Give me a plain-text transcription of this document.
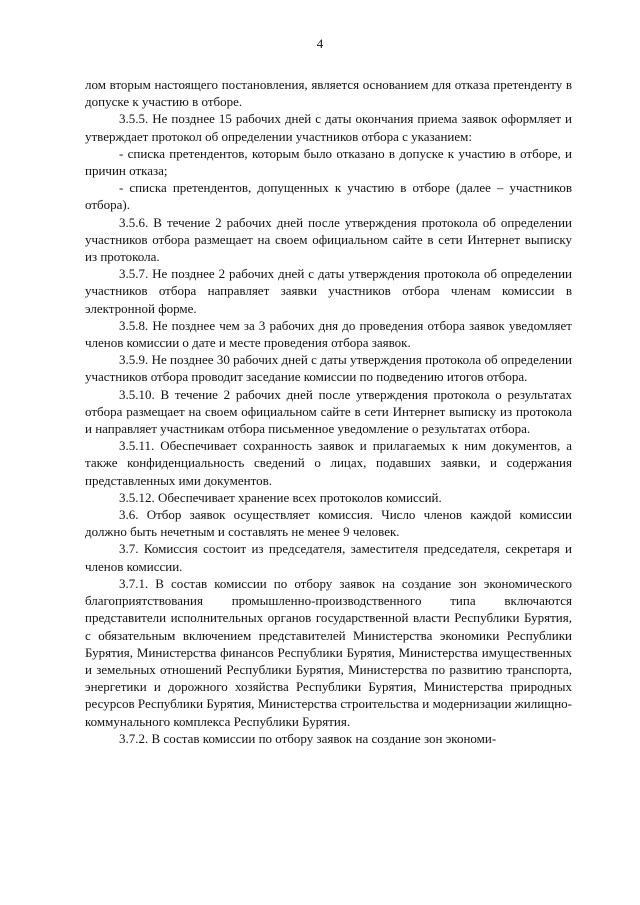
4

лом вторым настоящего постановления, является основанием для отказа претенденту в допуске к участию в отборе.

3.5.5. Не позднее 15 рабочих дней с даты окончания приема заявок оформляет и утверждает протокол об определении участников отбора с указанием:

- списка претендентов, которым было отказано в допуске к участию в отборе, и причин отказа;

- списка претендентов, допущенных к участию в отборе (далее – участников отбора).

3.5.6. В течение 2 рабочих дней после утверждения протокола об определении участников отбора размещает на своем официальном сайте в сети Интернет выписку из протокола.

3.5.7. Не позднее 2 рабочих дней с даты утверждения протокола об определении участников отбора направляет заявки участников отбора членам комиссии в электронной форме.

3.5.8. Не позднее чем за 3 рабочих дня до проведения отбора заявок уведомляет членов комиссии о дате и месте проведения отбора заявок.

3.5.9. Не позднее 30 рабочих дней с даты утверждения протокола об определении участников отбора проводит заседание комиссии по подведению итогов отбора.

3.5.10. В течение 2 рабочих дней после утверждения протокола о результатах отбора размещает на своем официальном сайте в сети Интернет выписку из протокола и направляет участникам отбора письменное уведомление о результатах отбора.

3.5.11. Обеспечивает сохранность заявок и прилагаемых к ним документов, а также конфиденциальность сведений о лицах, подавших заявки, и содержания представленных ими документов.

3.5.12. Обеспечивает хранение всех протоколов комиссий.

3.6. Отбор заявок осуществляет комиссия. Число членов каждой комиссии должно быть нечетным и составлять не менее 9 человек.

3.7. Комиссия состоит из председателя, заместителя председателя, секретаря и членов комиссии.

3.7.1. В состав комиссии по отбору заявок на создание зон экономического благоприятствования промышленно-производственного типа включаются представители исполнительных органов государственной власти Республики Бурятия, с обязательным включением представителей Министерства экономики Республики Бурятия, Министерства финансов Республики Бурятия, Министерства имущественных и земельных отношений Республики Бурятия, Министерства по развитию транспорта, энергетики и дорожного хозяйства Республики Бурятия, Министерства природных ресурсов Республики Бурятия, Министерства строительства и модернизации жилищно-коммунального комплекса Республики Бурятия.

3.7.2. В состав комиссии по отбору заявок на создание зон экономи-
